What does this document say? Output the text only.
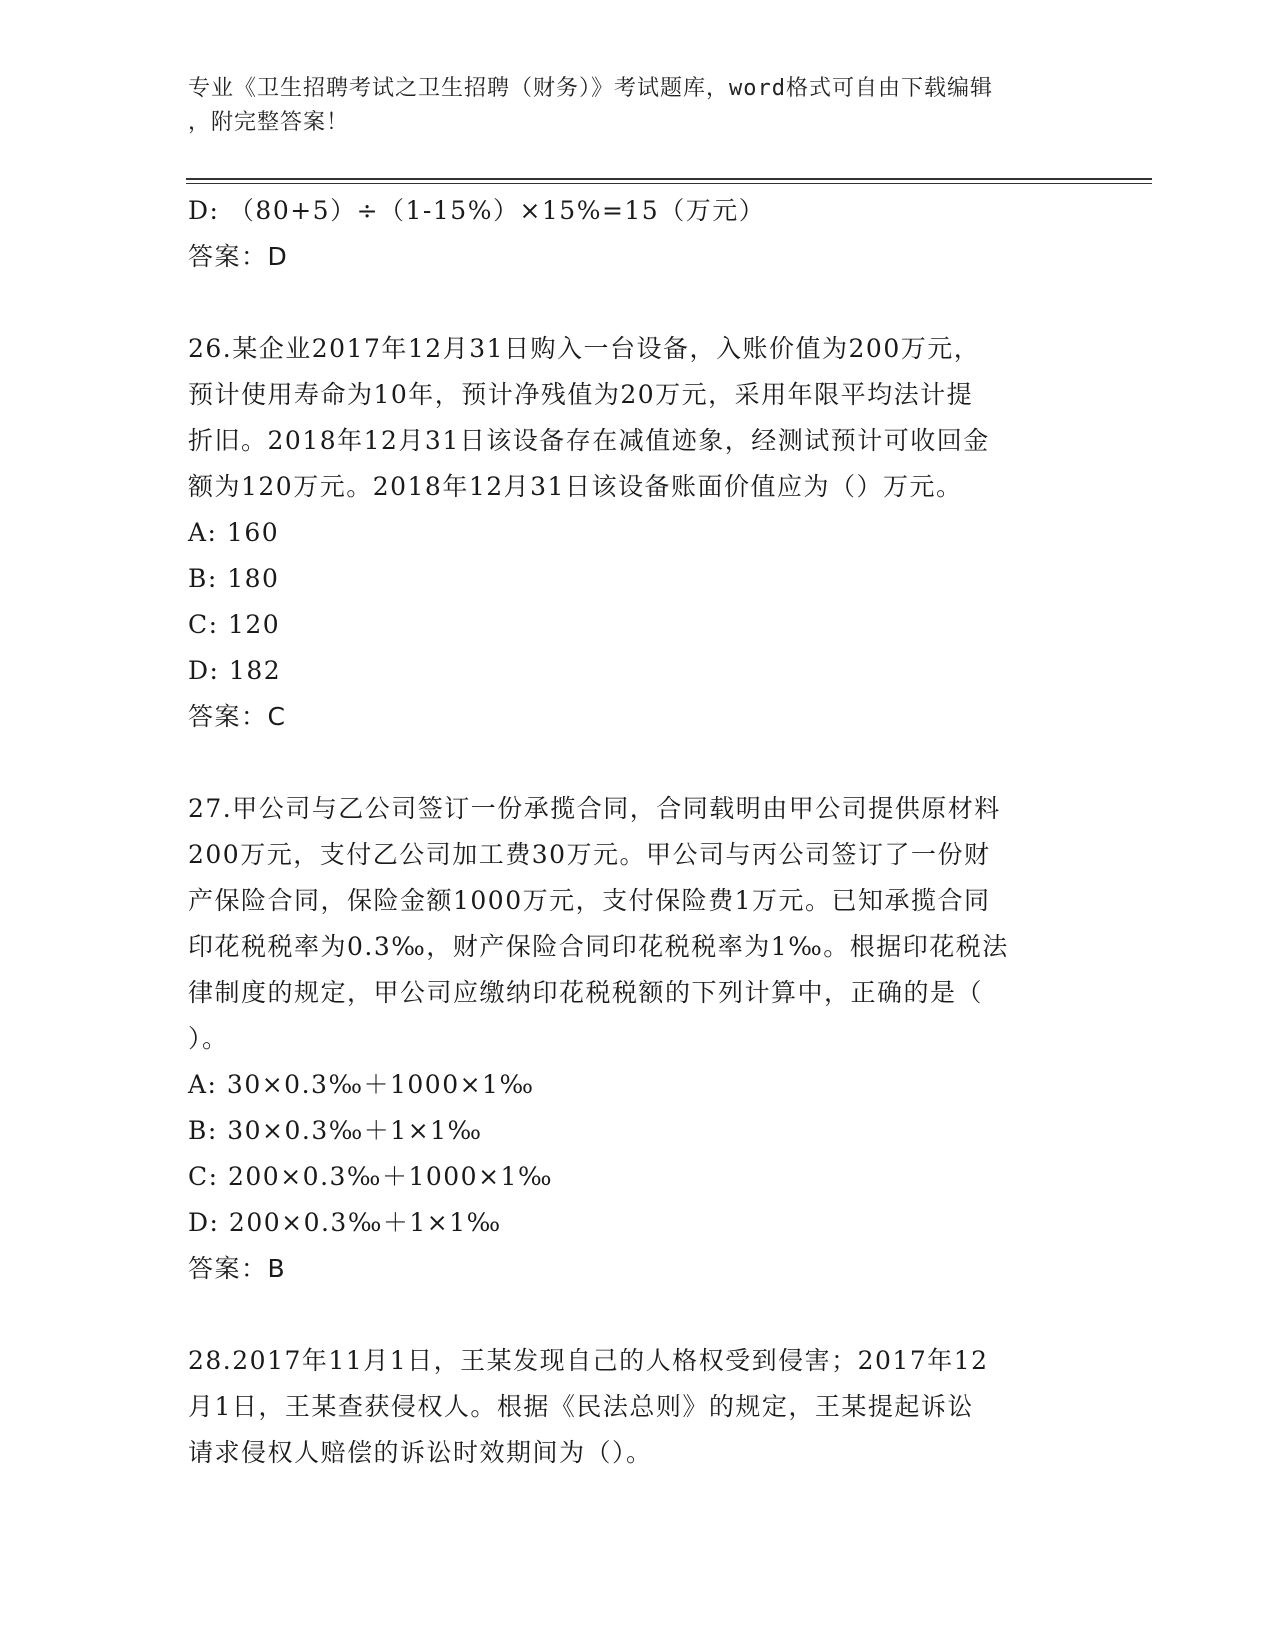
专业《卫生招聘考试之卫生招聘（财务）》考试题库，word格式可自由下载编辑
，附完整答案！
D: （80+5）÷（1-15%）×15%=15（万元）
答案：D
26.某企业2017年12月31日购入一台设备，入账价值为200万元，
预计使用寿命为10年，预计净残值为20万元，采用年限平均法计提
折旧。2018年12月31日该设备存在减值迹象，经测试预计可收回金
额为120万元。2018年12月31日该设备账面价值应为（）万元。
A: 160
B: 180
C: 120
D: 182
答案：C
27.甲公司与乙公司签订一份承揽合同，合同载明由甲公司提供原材料
200万元，支付乙公司加工费30万元。甲公司与丙公司签订了一份财
产保险合同，保险金额1000万元，支付保险费1万元。已知承揽合同
印花税税率为0.3‰，财产保险合同印花税税率为1‰。根据印花税法
律制度的规定，甲公司应缴纳印花税税额的下列计算中，正确的是（
）。
A: 30×0.3‰＋1000×1‰
B: 30×0.3‰＋1×1‰
C: 200×0.3‰＋1000×1‰
D: 200×0.3‰＋1×1‰
答案：B
28.2017年11月1日，王某发现自己的人格权受到侵害；2017年12
月1日，王某查获侵权人。根据《民法总则》的规定，王某提起诉讼
请求侵权人赔偿的诉讼时效期间为（）。
